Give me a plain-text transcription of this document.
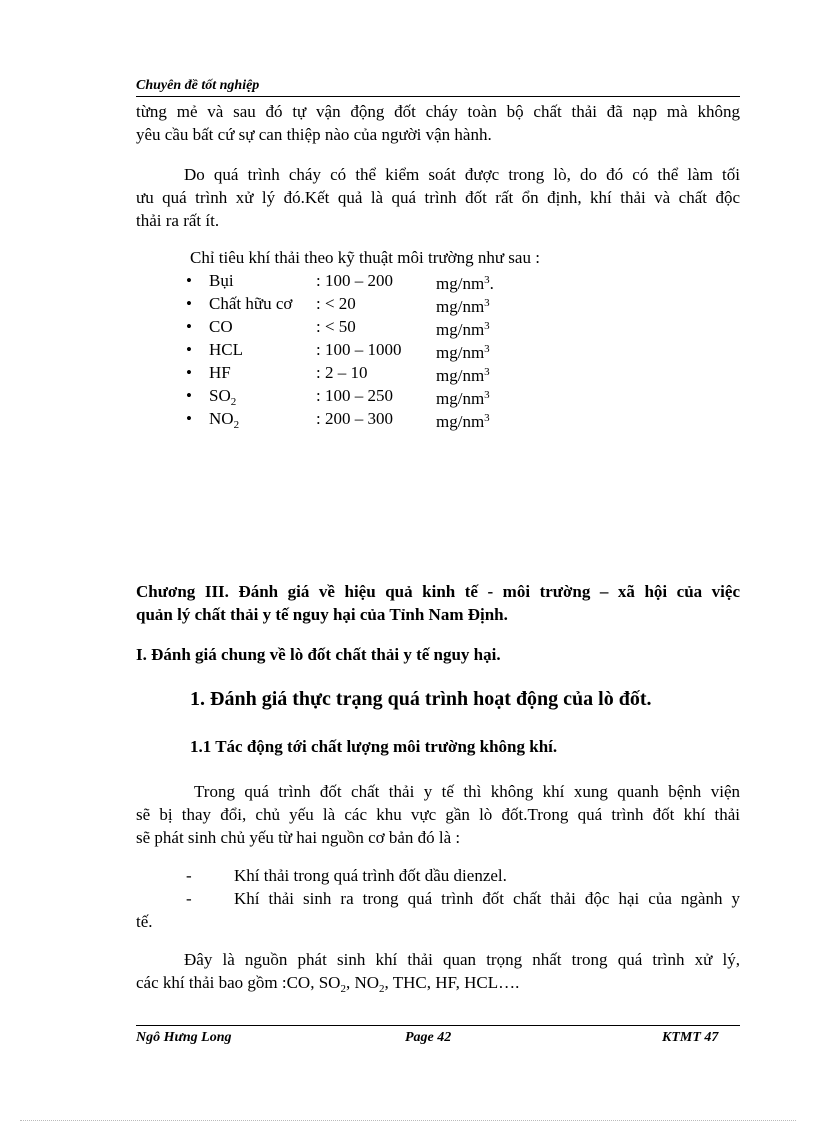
Chuyên đề tốt nghiệp
từng mẻ và sau đó tự vận động đốt cháy toàn bộ chất thải đã nạp mà không
yêu cầu bất cứ sự can thiệp nào của người vận hành.
Do quá trình cháy có thể kiểm soát được trong lò, do đó có thể làm tối
ưu quá trình xử lý đó.Kết quả là quá trình đốt rất ổn định, khí thải và chất độc
thải ra rất ít.
Chỉ tiêu khí thải theo kỹ thuật môi trường như sau :
• Bụi	: 100 – 200	$mg/nm^3$.
• Chất hữu cơ : < 20	$mg/nm^3$
• CO	: < 50	$mg/nm^3$
• HCL	: 100 – 1000 $mg/nm^3$
• HF	: 2 – 10	$mg/nm^3$
• $SO_2$	: 100 – 250	$mg/nm^3$
• $NO_2$	: 200 – 300	$mg/nm^3$
Chương III. Đánh giá về hiệu quả kinh tế - môi trường – xã hội của việc
quản lý chất thải y tế nguy hại của Tỉnh Nam Định.
I. Đánh giá chung về lò đốt chất thải y tế nguy hại.
1. Đánh giá thực trạng quá trình hoạt động của lò đốt.
1.1 Tác động tới chất lượng môi trường không khí.
Trong quá trình đốt chất thải y tế thì không khí xung quanh bệnh viện
sẽ bị thay đổi, chủ yếu là các khu vực gần lò đốt.Trong quá trình đốt khí thải
sẽ phát sinh chủ yếu từ hai nguồn cơ bản đó là :
- Khí thải trong quá trình đốt dầu dienzel.
- Khí thải sinh ra trong quá trình đốt chất thải độc hại của ngành y
tế.
Đây là nguồn phát sinh khí thải quan trọng nhất trong quá trình xử lý,
các khí thải bao gồm :CO, $SO_2$, $NO_2$, THC, HF, HCL….
Ngô Hưng Long	Page 42	KTMT 47
